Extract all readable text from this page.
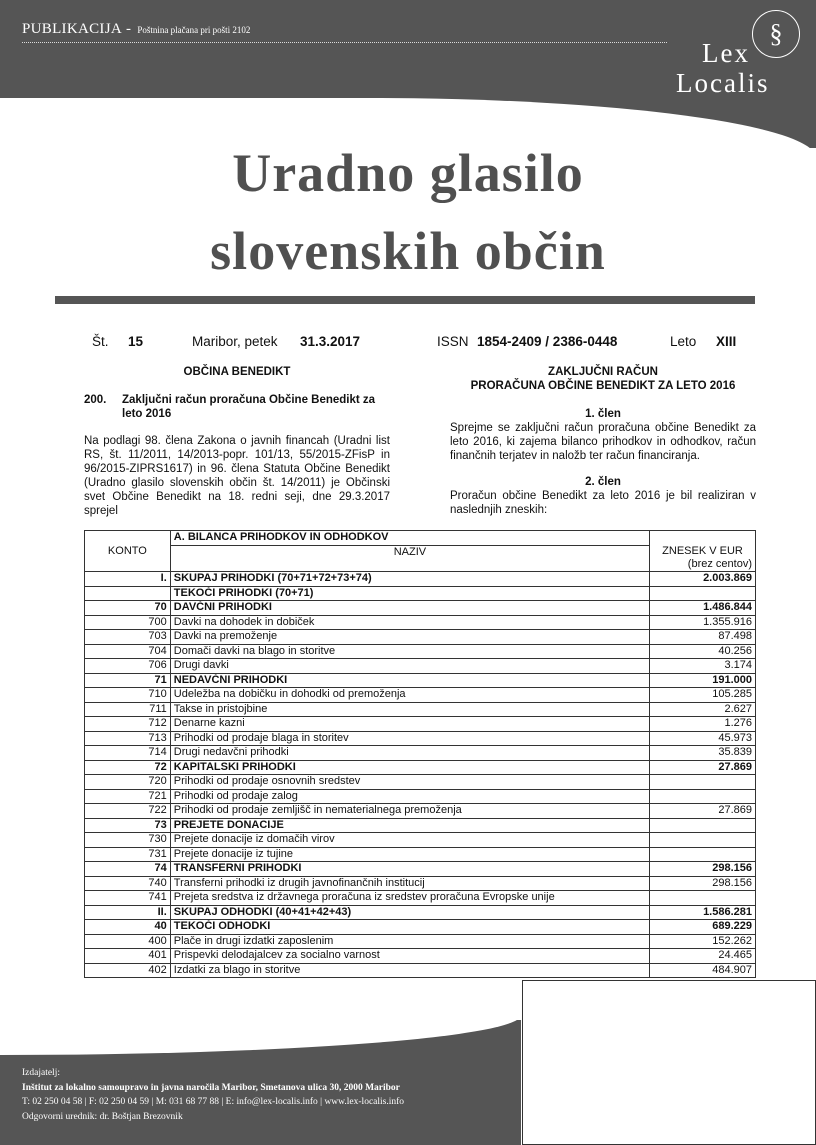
PUBLIKACIJA - Poštnina plačana pri pošti 2102	§
Lex
Localis
Uradno glasilo
slovenskih občin
Št. 15	Maribor, petek 31.3.2017	ISSN 1854-2409 / 2386-0448	Leto XIII
OBČINA BENEDIKT
200.	Zaključni račun proračuna Občine Benedikt za leto 2016
Na podlagi 98. člena Zakona o javnih financah (Uradni list RS, št. 11/2011, 14/2013-popr. 101/13, 55/2015-ZFisP in 96/2015-ZIPRS1617) in 96. člena Statuta Občine Benedikt (Uradno glasilo slovenskih občin št. 14/2011) je Občinski svet Občine Benedikt na 18. redni seji, dne 29.3.2017 sprejel
ZAKLJUČNI RAČUN
PRORAČUNA OBČINE BENEDIKT ZA LETO 2016
1. člen
Sprejme se zaključni račun proračuna občine Benedikt za leto 2016, ki zajema bilanco prihodkov in odhodkov, račun finančnih terjatev in naložb ter račun financiranja.
2. člen
Proračun občine Benedikt za leto 2016 je bil realiziran v naslednjih zneskih:
	A. BILANCA PRIHODKOV IN ODHODKOV	
KONTO	NAZIV	ZNESEK V EUR

(brez centov)

I.	SKUPAJ PRIHODKI (70+71+72+73+74)	2.003.869
	TEKOČI PRIHODKI (70+71)	
70	DAVČNI PRIHODKI	1.486.844
700	Davki na dohodek in dobiček	1.355.916
703	Davki na premoženje	87.498
704	Domači davki na blago in storitve	40.256
706	Drugi davki	3.174
71	NEDAVČNI PRIHODKI	191.000
710	Udeležba na dobičku in dohodki od premoženja	105.285
711	Takse in pristojbine	2.627
712	Denarne kazni	1.276
713	Prihodki od prodaje blaga in storitev	45.973
714	Drugi nedavčni prihodki	35.839
72	KAPITALSKI PRIHODKI	27.869
720	Prihodki od prodaje osnovnih sredstev	
721	Prihodki od prodaje zalog	
722	Prihodki od prodaje zemljišč in nematerialnega premoženja	27.869
73	PREJETE DONACIJE	
730	Prejete donacije iz domačih virov	
731	Prejete donacije iz tujine	
74	TRANSFERNI PRIHODKI	298.156
740	Transferni prihodki iz drugih javnofinančnih institucij	298.156
741	Prejeta sredstva iz državnega proračuna iz sredstev proračuna Evropske unije	
II.	SKUPAJ ODHODKI (40+41+42+43)	1.586.281
40	TEKOČI ODHODKI	689.229
400	Plače in drugi izdatki zaposlenim	152.262
401	Prispevki delodajalcev za socialno varnost	24.465
402	Izdatki za blago in storitve	484.907
Izdajatelj:
Inštitut za lokalno samoupravo in javna naročila Maribor, Smetanova ulica 30, 2000 Maribor
T: 02 250 04 58 | F: 02 250 04 59 | M: 031 68 77 88 | E: info@lex-localis.info | www.lex-localis.info
Odgovorni urednik: dr. Boštjan Brezovnik
